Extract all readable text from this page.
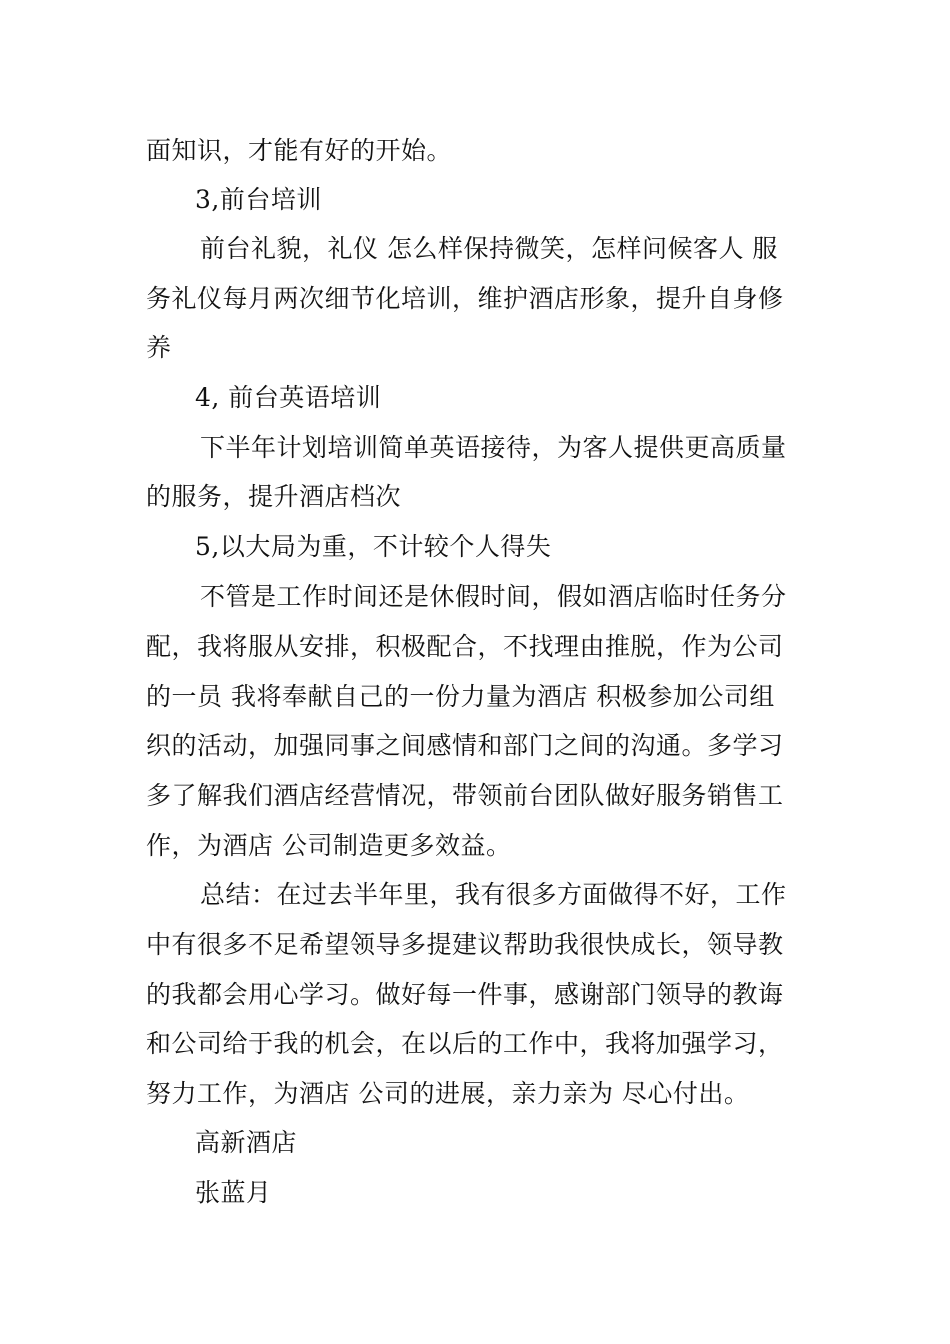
面知识，才能有好的开始。
3,前台培训
前台礼貌，礼仪 怎么样保持微笑，怎样问候客人 服
务礼仪每月两次细节化培训，维护酒店形象，提升自身修
养
4, 前台英语培训
下半年计划培训简单英语接待，为客人提供更高质量
的服务，提升酒店档次
5,以大局为重，不计较个人得失
不管是工作时间还是休假时间，假如酒店临时任务分
配，我将服从安排，积极配合，不找理由推脱，作为公司
的一员 我将奉献自己的一份力量为酒店 积极参加公司组
织的活动，加强同事之间感情和部门之间的沟通。多学习
多了解我们酒店经营情况，带领前台团队做好服务销售工
作，为酒店 公司制造更多效益。
总结：在过去半年里，我有很多方面做得不好，工作
中有很多不足希望领导多提建议帮助我很快成长，领导教
的我都会用心学习。做好每一件事，感谢部门领导的教诲
和公司给于我的机会，在以后的工作中，我将加强学习，
努力工作，为酒店 公司的进展，亲力亲为 尽心付出。
高新酒店
张蓝月
